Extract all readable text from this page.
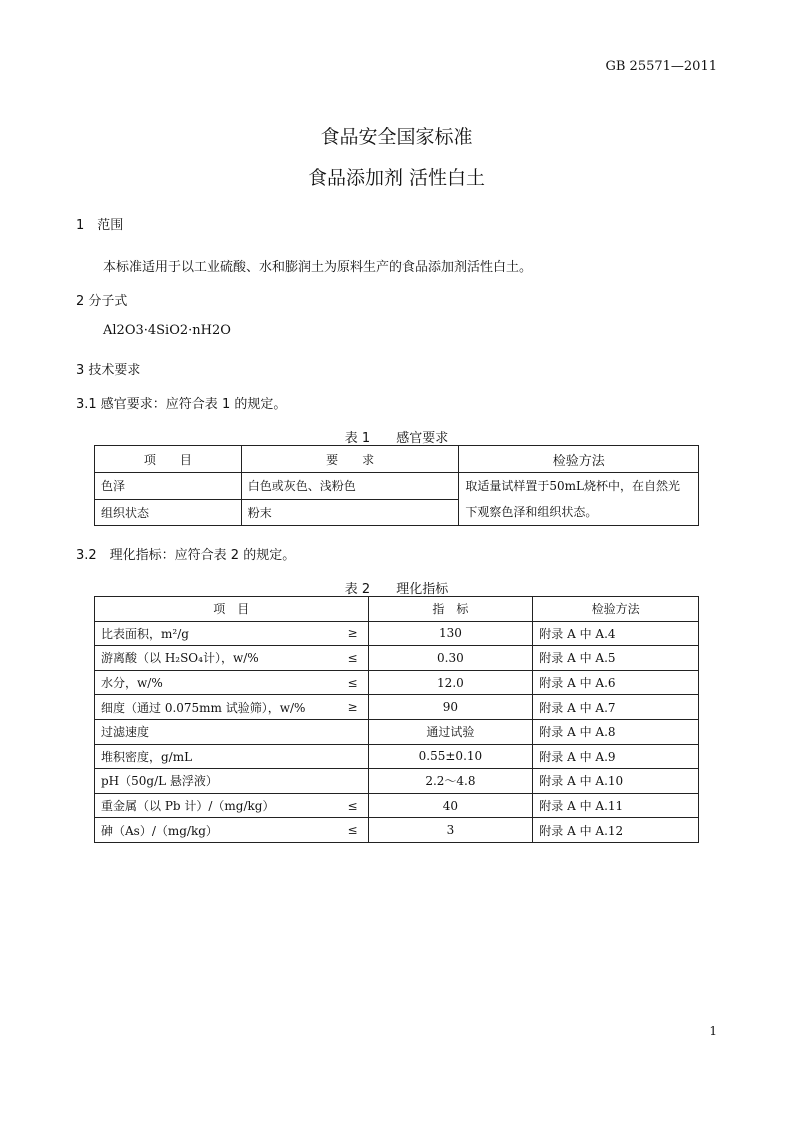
GB 25571—2011
食品安全国家标准
食品添加剂 活性白土
1　范围
本标准适用于以工业硫酸、水和膨润土为原料生产的食品添加剂活性白土。
2 分子式
Al2O3·4SiO2·nH2O
3 技术要求
3.1 感官要求：应符合表 1 的规定。
表 1 感官要求
项　　目	要　　求	检验方法
色泽	白色或灰色、浅粉色	取适量试样置于50mL烧杯中，在自然光下观察色泽和组织状态。
组织状态	粉末	
3.2　理化指标：应符合表 2 的规定。
表 2 理化指标
项　目	指　标	检验方法

比表面积，m²/g ≥	130	附录 A 中 A.4

游离酸（以 H₂SO₄计），w/% ≤	0.30	附录 A 中 A.5

水分，w/% ≤	12.0	附录 A 中 A.6

细度（通过 0.075mm 试验筛），w/% ≥	90	附录 A 中 A.7

过滤速度	通过试验	附录 A 中 A.8

堆积密度，g/mL	0.55±0.10	附录 A 中 A.9

pH（50g/L 悬浮液）	2.2～4.8	附录 A 中 A.10

重金属（以 Pb 计）/（mg/kg） ≤	40	附录 A 中 A.11

砷（As）/（mg/kg） ≤	3	附录 A 中 A.12
1
